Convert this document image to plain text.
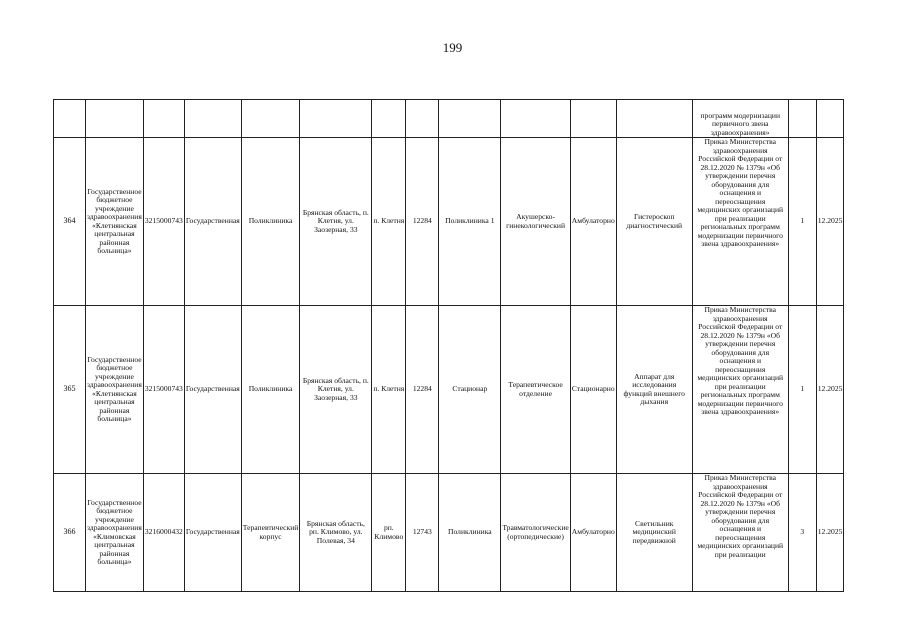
199
												программ модернизации первичного звена здравоохранения»		
364	Государственное бюджетное учреждение здравоохранения «Клетнянская центральная районная больница»	3215000743	Государственная	Поликлиника	Брянская область, п. Клетня, ул. Заозерная, 33	п. Клетня	12284	Поликлиника 1	Акушерско-гинекологический	Амбулаторно	Гистероскоп диагностический	Приказ Министерства здравоохранения Российской Федерации от 28.12.2020 № 1379н «Об утверждении перечня оборудования для оснащения и переоснащения медицинских организаций при реализации региональных программ модернизации первичного звена здравоохранения»	1	12.2025
365	Государственное бюджетное учреждение здравоохранения «Клетнянская центральная районная больница»	3215000743	Государственная	Поликлиника	Брянская область, п. Клетня, ул. Заозерная, 33	п. Клетня	12284	Стационар	Терапевтическое отделение	Стационарно	Аппарат для исследования функций внешнего дыхания	Приказ Министерства здравоохранения Российской Федерации от 28.12.2020 № 1379н «Об утверждении перечня оборудования для оснащения и переоснащения медицинских организаций при реализации региональных программ модернизации первичного звена здравоохранения»	1	12.2025
366	Государственное бюджетное учреждение здравоохранения «Климовская центральная районная больница»	3216000432	Государственная	Терапевтический корпус	Брянская область, рп. Климово, ул. Полевая, 34	рп. Климово	12743	Поликлиника	Травматологические (ортопедические)	Амбулаторно	Светильник медицинский передвижной	Приказ Министерства здравоохранения Российской Федерации от 28.12.2020 № 1379н «Об утверждении перечня оборудования для оснащения и переоснащения медицинских организаций при реализации	3	12.2025
